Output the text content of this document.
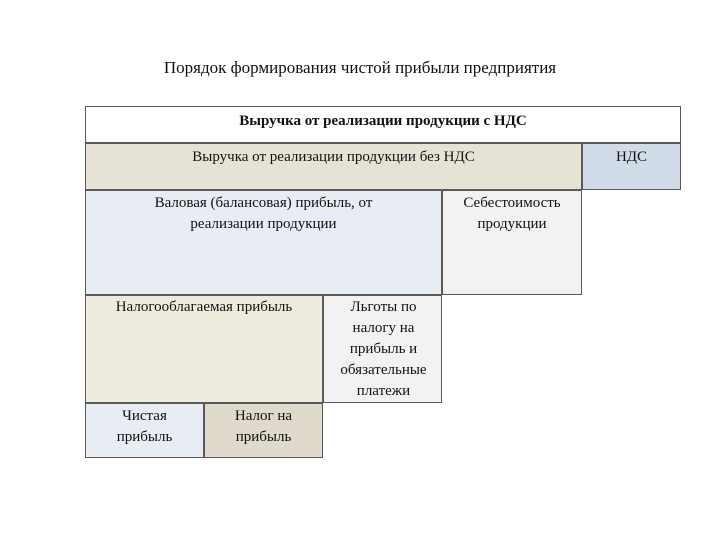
Порядок формирования чистой прибыли предприятия
Выручка от реализации продукции с НДС
Выручка от реализации продукции без НДС	НДС
Валовая (балансовая) прибыль, от реализации продукции
Себестоимость продукции
Налогооблагаемая прибыль	Льготы по налогу на прибыль и обязательные платежи
Чистая прибыль
Налог на прибыль
